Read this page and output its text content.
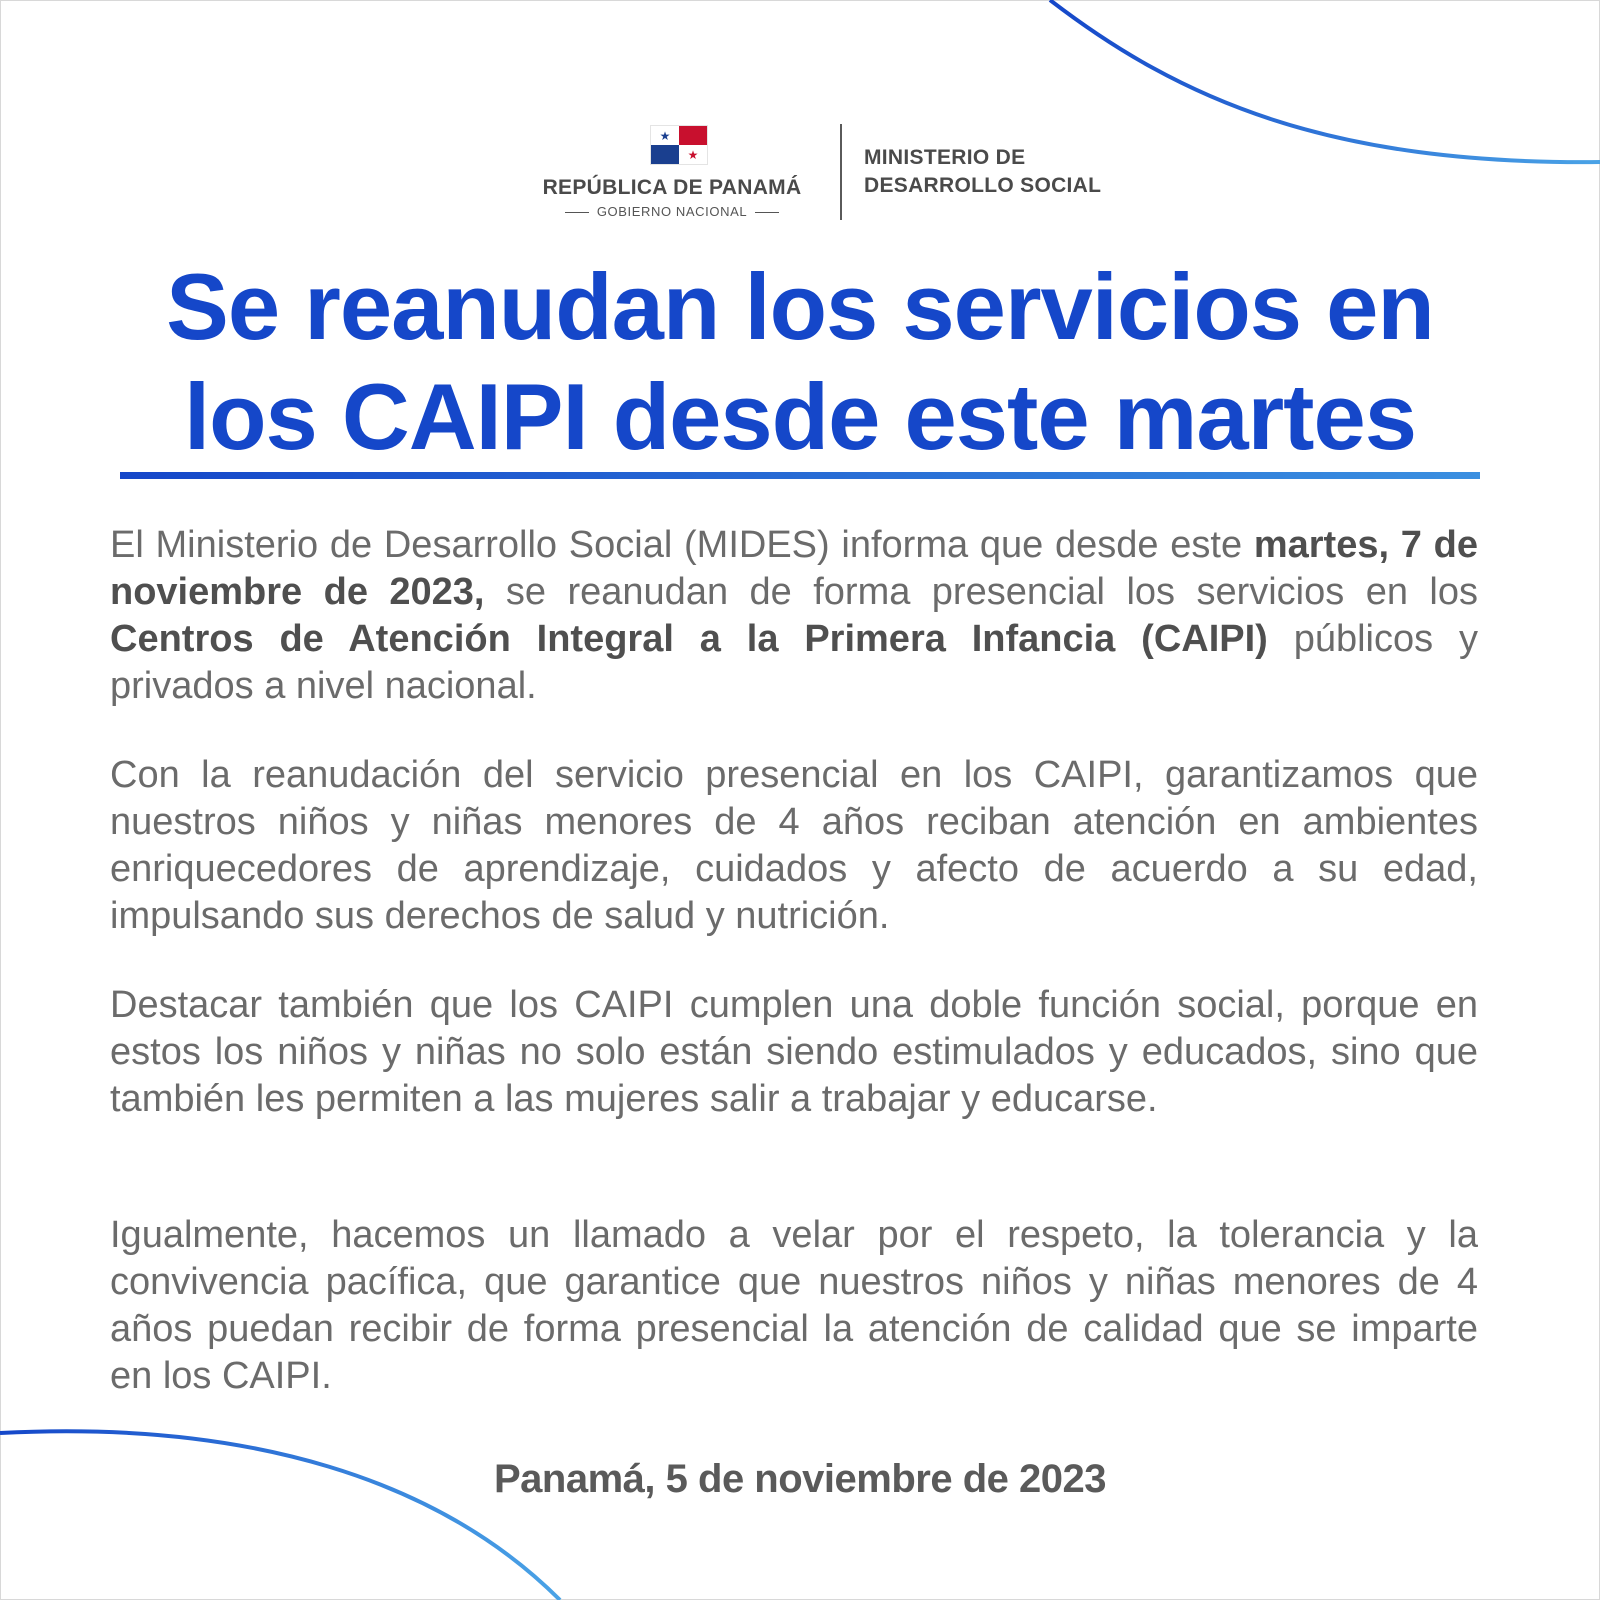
★
★
REPÚBLICA DE PANAMÁ
GOBIERNO NACIONAL
MINISTERIO DE
DESARROLLO SOCIAL
Se reanudan los servicios en
los CAIPI desde este martes

El Ministerio de Desarrollo Social (MIDES) informa que desde este martes, 7 de noviembre de 2023, se reanudan de forma presencial los servicios en los Centros de Atención Integral a la Primera Infancia (CAIPI) públicos y privados a nivel nacional.

Con la reanudación del servicio presencial en los CAIPI, garantizamos que nuestros niños y niñas menores de 4 años reciban atención en ambientes enriquecedores de aprendizaje, cuidados y afecto de acuerdo a su edad, impulsando sus derechos de salud y nutrición.

Destacar también que los CAIPI cumplen una doble función social, porque en estos los niños y niñas no solo están siendo estimulados y educados, sino que también les permiten a las mujeres salir a trabajar y educarse.

Igualmente, hacemos un llamado a velar por el respeto, la tolerancia y la convivencia pacífica, que garantice que nuestros niños y niñas menores de 4 años puedan recibir de forma presencial la atención de calidad que se imparte en los CAIPI.

Panamá, 5 de noviembre de 2023
